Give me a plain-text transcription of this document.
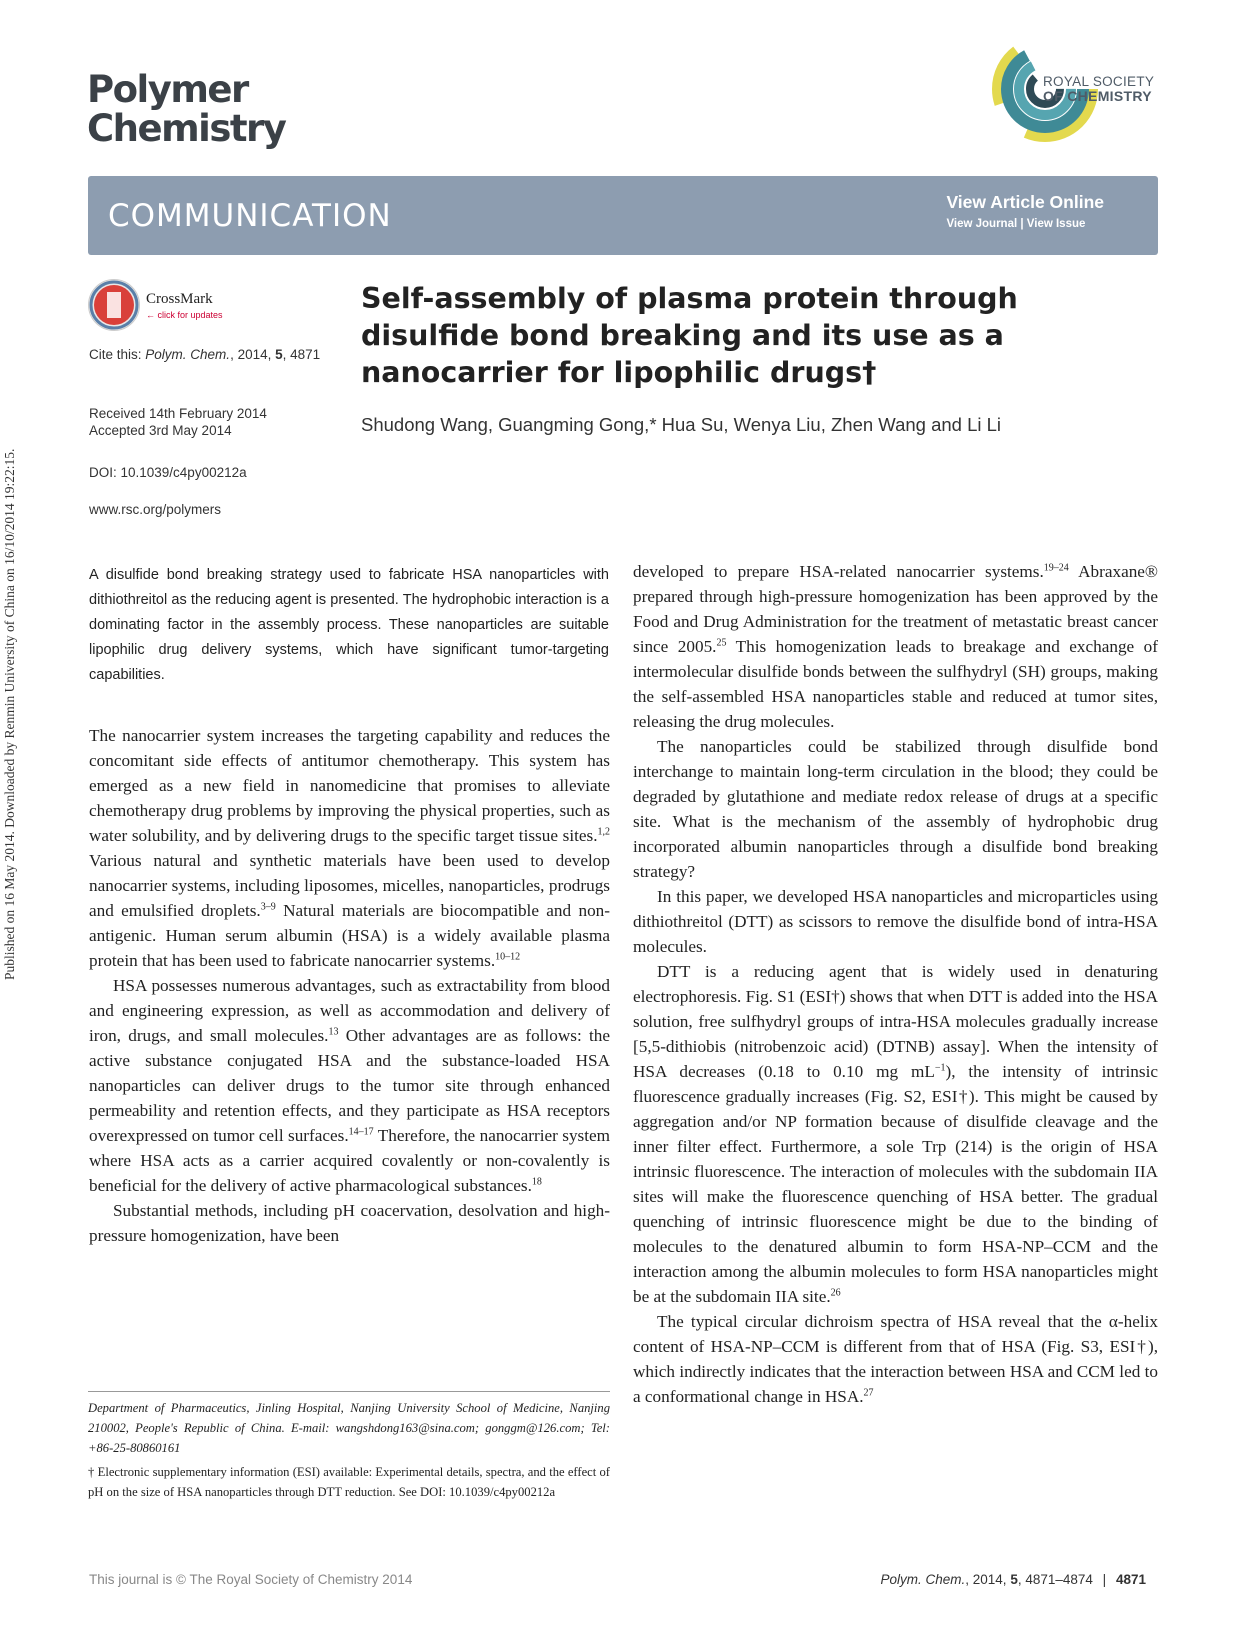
Published on 16 May 2014. Downloaded by Renmin University of China on 16/10/2014 19:22:15.
Polymer
Chemistry
ROYAL SOCIETY
OF CHEMISTRY
COMMUNICATION	View Article Online
View Journal | View Issue
CrossMark
← click for updates
Cite this: Polym. Chem., 2014, 5, 4871
Received 14th February 2014
Accepted 3rd May 2014
DOI: 10.1039/c4py00212a
www.rsc.org/polymers
Self-assembly of plasma protein through disulfide bond breaking and its use as a nanocarrier for lipophilic drugs†
Shudong Wang, Guangming Gong,* Hua Su, Wenya Liu, Zhen Wang and Li Li
A disulfide bond breaking strategy used to fabricate HSA nanoparticles with dithiothreitol as the reducing agent is presented. The hydrophobic interaction is a dominating factor in the assembly process. These nanoparticles are suitable lipophilic drug delivery systems, which have significant tumor-targeting capabilities.

The nanocarrier system increases the targeting capability and reduces the concomitant side effects of antitumor chemotherapy. This system has emerged as a new field in nanomedicine that promises to alleviate chemotherapy drug problems by improving the physical properties, such as water solubility, and by delivering drugs to the specific target tissue sites.$^{1,2}$ Various natural and synthetic materials have been used to develop nanocarrier systems, including liposomes, micelles, nanoparticles, prodrugs and emulsified droplets.$^{3-9}$ Natural materials are biocompatible and non-antigenic. Human serum albumin (HSA) is a widely available plasma protein that has been used to fabricate nanocarrier systems.$^{10-12}$

HSA possesses numerous advantages, such as extractability from blood and engineering expression, as well as accommodation and delivery of iron, drugs, and small molecules.$^{13}$ Other advantages are as follows: the active substance conjugated HSA and the substance-loaded HSA nanoparticles can deliver drugs to the tumor site through enhanced permeability and retention effects, and they participate as HSA receptors overexpressed on tumor cell surfaces.$^{14-17}$ Therefore, the nanocarrier system where HSA acts as a carrier acquired covalently or non-covalently is beneficial for the delivery of active pharmacological substances.$^{18}$

Substantial methods, including pH coacervation, desolvation and high-pressure homogenization, have been

developed to prepare HSA-related nanocarrier systems.$^{19-24}$ Abraxane® prepared through high-pressure homogenization has been approved by the Food and Drug Administration for the treatment of metastatic breast cancer since 2005.25 This homogenization leads to breakage and exchange of intermolecular disulfide bonds between the sulfhydryl (SH) groups, making the self-assembled HSA nanoparticles stable and reduced at tumor sites, releasing the drug molecules.

The nanoparticles could be stabilized through disulfide bond interchange to maintain long-term circulation in the blood; they could be degraded by glutathione and mediate redox release of drugs at a specific site. What is the mechanism of the assembly of hydrophobic drug incorporated albumin nanoparticles through a disulfide bond breaking strategy?

In this paper, we developed HSA nanoparticles and microparticles using dithiothreitol (DTT) as scissors to remove the disulfide bond of intra-HSA molecules.

DTT is a reducing agent that is widely used in denaturing electrophoresis. Fig. S1 (ESI†) shows that when DTT is added into the HSA solution, free sulfhydryl groups of intra-HSA molecules gradually increase [5,5-dithiobis (nitrobenzoic acid) (DTNB) assay]. When the intensity of HSA decreases (0.18 to 0.10 mg $mL^{-1}$), the intensity of intrinsic fluorescence gradually increases (Fig. S2, ESI†). This might be caused by aggregation and/or NP formation because of disulfide cleavage and the inner filter effect. Furthermore, a sole Trp (214) is the origin of HSA intrinsic fluorescence. The interaction of molecules with the subdomain IIA sites will make the fluorescence quenching of HSA better. The gradual quenching of intrinsic fluorescence might be due to the binding of molecules to the denatured albumin to form HSA-NP–CCM and the interaction among the albumin molecules to form HSA nanoparticles might be at the subdomain IIA site.$^{26}$

The typical circular dichroism spectra of HSA reveal that the α-helix content of HSA-NP–CCM is different from that of HSA (Fig. S3, ESI†), which indirectly indicates that the interaction between HSA and CCM led to a conformational change in HSA.$^{27}$

Department of Pharmaceutics, Jinling Hospital, Nanjing University School of Medicine, Nanjing 210002, People's Republic of China. E-mail: wangshdong163@sina.com; gonggm@126.com; Tel: +86-25-80860161

† Electronic supplementary information (ESI) available: Experimental details, spectra, and the effect of pH on the size of HSA nanoparticles through DTT reduction. See DOI: 10.1039/c4py00212a

This journal is © The Royal Society of Chemistry 2014	Polym. Chem., 2014, 5, 4871–4874 | 4871
